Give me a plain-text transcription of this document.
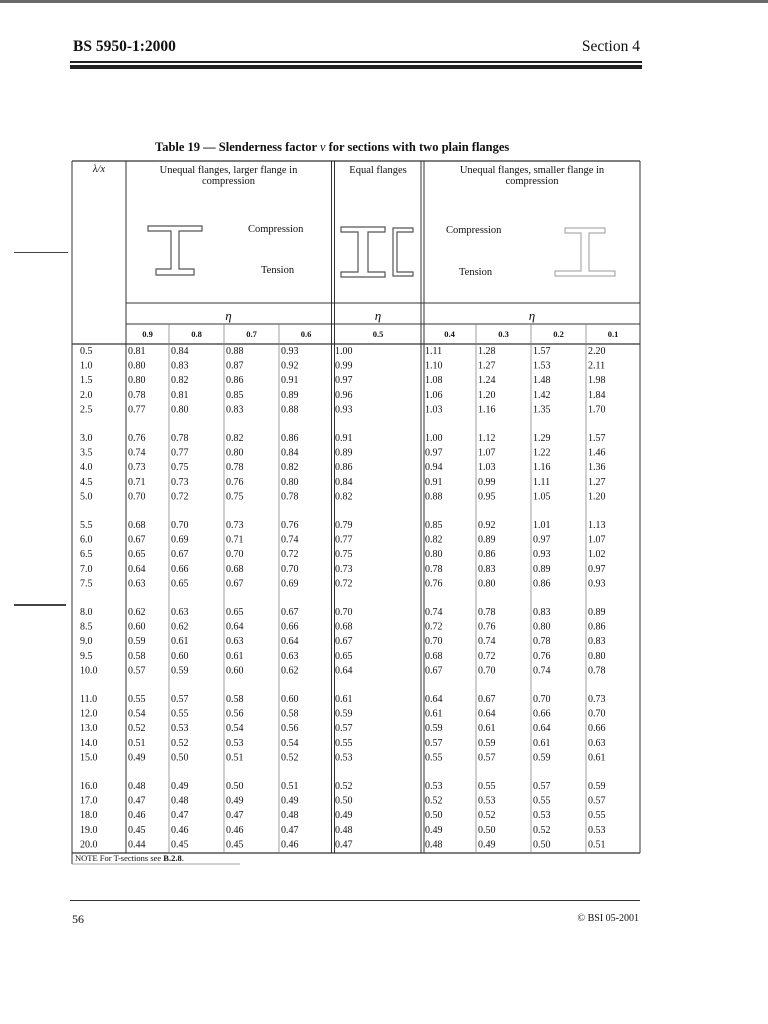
BS 5950-1:2000	Section 4
Table 19 — Slenderness factor v for sections with two plain flanges
λ/x	Unequal flanges, larger flange in
compression
η
Equal flanges
η
Unequal flanges, smaller flange in
compression
η
Compression
Tension
Compression
Tension
0.9	0.8	0.7	0.6	0.5	0.4	0.3	0.2	0.1
0.5	0.81	0.84	0.88	0.93	1.00	1.11	1.28	1.57	2.20
1.0	0.80	0.83	0.87	0.92	0.99	1.10	1.27	1.53	2.11
1.5	0.80	0.82	0.86	0.91	0.97	1.08	1.24	1.48	1.98
2.0	0.78	0.81	0.85	0.89	0.96	1.06	1.20	1.42	1.84
2.5	0.77	0.80	0.83	0.88	0.93	1.03	1.16	1.35	1.70
3.0	0.76	0.78	0.82	0.86	0.91	1.00	1.12	1.29	1.57
3.5	0.74	0.77	0.80	0.84	0.89	0.97	1.07	1.22	1.46
4.0	0.73	0.75	0.78	0.82	0.86	0.94	1.03	1.16	1.36
4.5	0.71	0.73	0.76	0.80	0.84	0.91	0.99	1.11	1.27
5.0	0.70	0.72	0.75	0.78	0.82	0.88	0.95	1.05	1.20
5.5	0.68	0.70	0.73	0.76	0.79	0.85	0.92	1.01	1.13
6.0	0.67	0.69	0.71	0.74	0.77	0.82	0.89	0.97	1.07
6.5	0.65	0.67	0.70	0.72	0.75	0.80	0.86	0.93	1.02
7.0	0.64	0.66	0.68	0.70	0.73	0.78	0.83	0.89	0.97
7.5	0.63	0.65	0.67	0.69	0.72	0.76	0.80	0.86	0.93
8.0	0.62	0.63	0.65	0.67	0.70	0.74	0.78	0.83	0.89
8.5	0.60	0.62	0.64	0.66	0.68	0.72	0.76	0.80	0.86
9.0	0.59	0.61	0.63	0.64	0.67	0.70	0.74	0.78	0.83
9.5	0.58	0.60	0.61	0.63	0.65	0.68	0.72	0.76	0.80
10.0	0.57	0.59	0.60	0.62	0.64	0.67	0.70	0.74	0.78
11.0	0.55	0.57	0.58	0.60	0.61	0.64	0.67	0.70	0.73
12.0	0.54	0.55	0.56	0.58	0.59	0.61	0.64	0.66	0.70
13.0	0.52	0.53	0.54	0.56	0.57	0.59	0.61	0.64	0.66
14.0	0.51	0.52	0.53	0.54	0.55	0.57	0.59	0.61	0.63
15.0	0.49	0.50	0.51	0.52	0.53	0.55	0.57	0.59	0.61
16.0	0.48	0.49	0.50	0.51	0.52	0.53	0.55	0.57	0.59
17.0	0.47	0.48	0.49	0.49	0.50	0.52	0.53	0.55	0.57
18.0	0.46	0.47	0.47	0.48	0.49	0.50	0.52	0.53	0.55
19.0	0.45	0.46	0.46	0.47	0.48	0.49	0.50	0.52	0.53
20.0	0.44	0.45	0.45	0.46	0.47	0.48	0.49	0.50	0.51
NOTE For T-sections see B.2.8.
56	© BSI 05-2001
